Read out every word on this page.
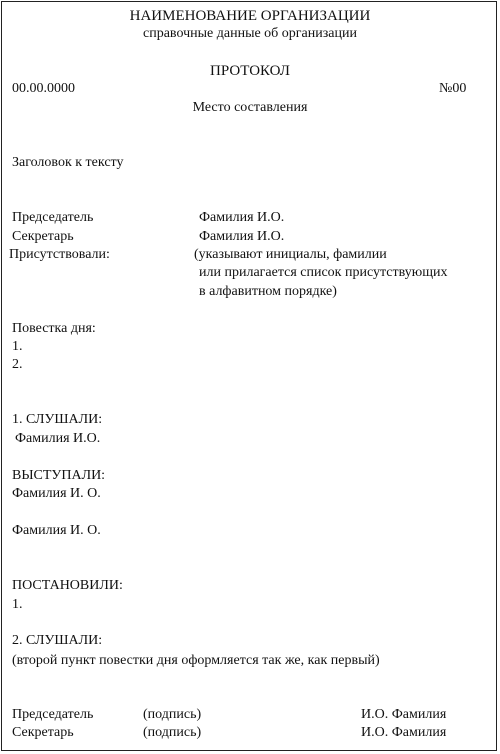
НАИМЕНОВАНИЕ ОРГАНИЗАЦИИ
справочные данные об организации
ПРОТОКОЛ
00.00.0000	№00
Место составления
Заголовок к тексту
Председатель	Фамилия И.О.
Секретарь	Фамилия И.О.
Присутствовали:	(указывают инициалы, фамилии
или прилагается список присутствующих
в алфавитном порядке)
Повестка дня:
1.
2.
1. СЛУШАЛИ:
Фамилия И.О.
ВЫСТУПАЛИ:
Фамилия И. О.
Фамилия И. О.
ПОСТАНОВИЛИ:
1.
2. СЛУШАЛИ:
(второй пункт повестки дня оформляется так же, как первый)
Председатель	(подпись)	И.О. Фамилия
Секретарь	(подпись)	И.О. Фамилия
